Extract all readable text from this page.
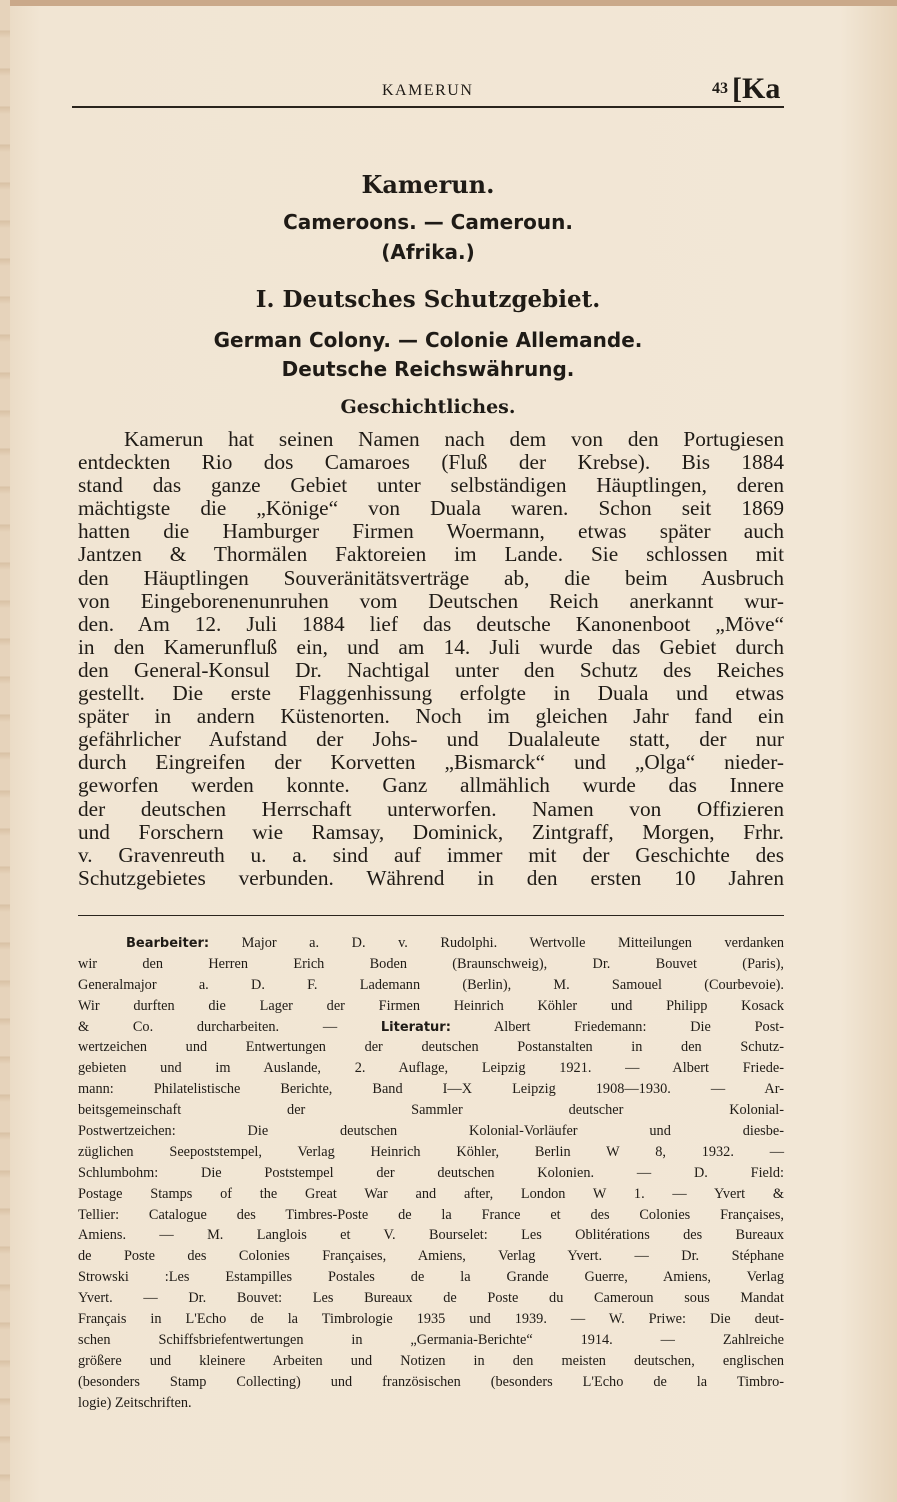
KAMERUN	43 [Ka
Kamerun.
Cameroons. — Cameroun.
(Afrika.)
I. Deutsches Schutzgebiet.
German Colony. — Colonie Allemande.
Deutsche Reichswährung.
Geschichtliches.
Kamerun hat seinen Namen nach dem von den Portugiesen
entdeckten Rio dos Camaroes (Fluß der Krebse). Bis 1884
stand das ganze Gebiet unter selbständigen Häuptlingen, deren
mächtigste die „Könige“ von Duala waren. Schon seit 1869
hatten die Hamburger Firmen Woermann, etwas später auch
Jantzen & Thormälen Faktoreien im Lande. Sie schlossen mit
den Häuptlingen Souveränitätsverträge ab, die beim Ausbruch
von Eingeborenenunruhen vom Deutschen Reich anerkannt wur-
den. Am 12. Juli 1884 lief das deutsche Kanonenboot „Möve“
in den Kamerunfluß ein, und am 14. Juli wurde das Gebiet durch
den General-Konsul Dr. Nachtigal unter den Schutz des Reiches
gestellt. Die erste Flaggenhissung erfolgte in Duala und etwas
später in andern Küstenorten. Noch im gleichen Jahr fand ein
gefährlicher Aufstand der Johs- und Dualaleute statt, der nur
durch Eingreifen der Korvetten „Bismarck“ und „Olga“ nieder-
geworfen werden konnte. Ganz allmählich wurde das Innere
der deutschen Herrschaft unterworfen. Namen von Offizieren
und Forschern wie Ramsay, Dominick, Zintgraff, Morgen, Frhr.
v. Gravenreuth u. a. sind auf immer mit der Geschichte des
Schutzgebietes verbunden. Während in den ersten 10 Jahren
Bearbeiter: Major a. D. v. Rudolphi. Wertvolle Mitteilungen verdanken
wir den Herren Erich Boden (Braunschweig), Dr. Bouvet (Paris),
Generalmajor a. D. F. Lademann (Berlin), M. Samouel (Courbevoie).
Wir durften die Lager der Firmen Heinrich Köhler und Philipp Kosack
& Co. durcharbeiten. — Literatur: Albert Friedemann: Die Post-
wertzeichen und Entwertungen der deutschen Postanstalten in den Schutz-
gebieten und im Auslande, 2. Auflage, Leipzig 1921. — Albert Friede-
mann: Philatelistische Berichte, Band I—X Leipzig 1908—1930. — Ar-
beitsgemeinschaft der Sammler deutscher Kolonial-
Postwertzeichen: Die deutschen Kolonial-Vorläufer und diesbe-
züglichen Seepoststempel, Verlag Heinrich Köhler, Berlin W 8, 1932. —
Schlumbohm: Die Poststempel der deutschen Kolonien. — D. Field:
Postage Stamps of the Great War and after, London W 1. — Yvert &
Tellier: Catalogue des Timbres-Poste de la France et des Colonies Françaises,
Amiens. — M. Langlois et V. Bourselet: Les Oblitérations des Bureaux
de Poste des Colonies Françaises, Amiens, Verlag Yvert. — Dr. Stéphane
Strowski :Les Estampilles Postales de la Grande Guerre, Amiens, Verlag
Yvert. — Dr. Bouvet: Les Bureaux de Poste du Cameroun sous Mandat
Français in L'Echo de la Timbrologie 1935 und 1939. — W. Priwe: Die deut-
schen Schiffsbriefentwertungen in „Germania-Berichte“ 1914. — Zahlreiche
größere und kleinere Arbeiten und Notizen in den meisten deutschen, englischen
(besonders Stamp Collecting) und französischen (besonders L'Echo de la Timbro-
logie) Zeitschriften.
